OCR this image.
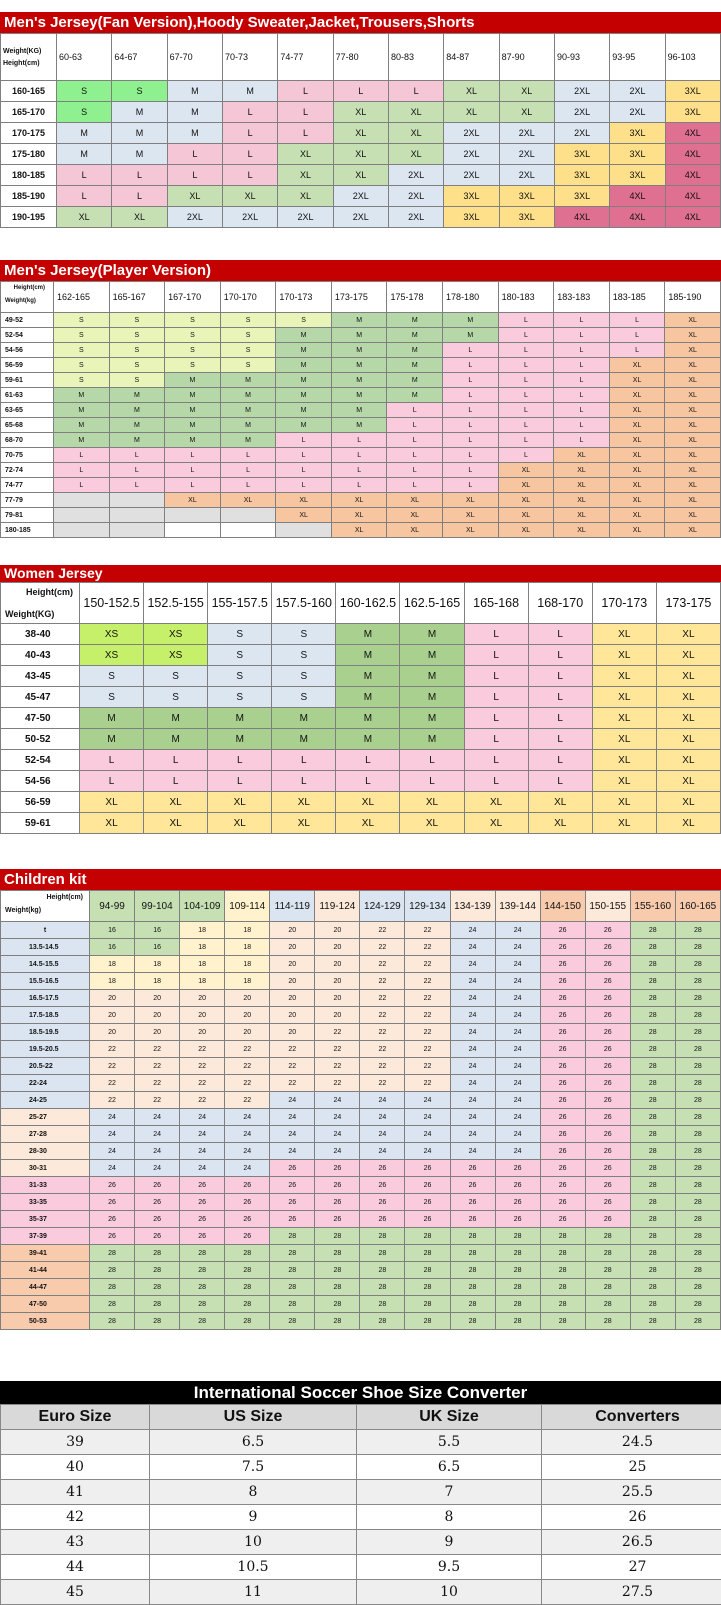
Men's Jersey(Fan Version),Hoody Sweater,Jacket,Trousers,Shorts
Weight(KG)
Height(cm)	60-63	64-67	67-70	70-73	74-77	77-80	80-83	84-87	87-90	90-93	93-95	96-103
160-165	S	S	M	M	L	L	L	XL	XL	2XL	2XL	3XL
165-170	S	M	M	L	L	XL	XL	XL	XL	2XL	2XL	3XL
170-175	M	M	M	L	L	XL	XL	2XL	2XL	2XL	3XL	4XL
175-180	M	M	L	L	XL	XL	XL	2XL	2XL	3XL	3XL	4XL
180-185	L	L	L	L	XL	XL	2XL	2XL	2XL	3XL	3XL	4XL
185-190	L	L	XL	XL	XL	2XL	2XL	3XL	3XL	3XL	4XL	4XL
190-195	XL	XL	2XL	2XL	2XL	2XL	2XL	3XL	3XL	4XL	4XL	4XL
Men's Jersey(Player Version)
Height(cm)
Weight(kg)	162-165	165-167	167-170	170-170	170-173	173-175	175-178	178-180	180-183	183-183	183-185	185-190
49-52	S	S	S	S	S	M	M	M	L	L	L	XL
52-54	S	S	S	S	M	M	M	M	L	L	L	XL
54-56	S	S	S	S	M	M	M	L	L	L	L	XL
56-59	S	S	S	S	M	M	M	L	L	L	XL	XL
59-61	S	S	M	M	M	M	M	L	L	L	XL	XL
61-63	M	M	M	M	M	M	M	L	L	L	XL	XL
63-65	M	M	M	M	M	M	L	L	L	L	XL	XL
65-68	M	M	M	M	M	M	L	L	L	L	XL	XL
68-70	M	M	M	M	L	L	L	L	L	L	XL	XL
70-75	L	L	L	L	L	L	L	L	L	XL	XL	XL
72-74	L	L	L	L	L	L	L	L	XL	XL	XL	XL
74-77	L	L	L	L	L	L	L	L	XL	XL	XL	XL
77-79			XL	XL	XL	XL	XL	XL	XL	XL	XL	XL
79-81					XL	XL	XL	XL	XL	XL	XL	XL
180-185						XL	XL	XL	XL	XL	XL	XL
Women Jersey
Height(cm)
Weight(KG)	150-152.5	152.5-155	155-157.5	157.5-160	160-162.5	162.5-165	165-168	168-170	170-173	173-175
38-40	XS	XS	S	S	M	M	L	L	XL	XL
40-43	XS	XS	S	S	M	M	L	L	XL	XL
43-45	S	S	S	S	M	M	L	L	XL	XL
45-47	S	S	S	S	M	M	L	L	XL	XL
47-50	M	M	M	M	M	M	L	L	XL	XL
50-52	M	M	M	M	M	M	L	L	XL	XL
52-54	L	L	L	L	L	L	L	L	XL	XL
54-56	L	L	L	L	L	L	L	L	XL	XL
56-59	XL	XL	XL	XL	XL	XL	XL	XL	XL	XL
59-61	XL	XL	XL	XL	XL	XL	XL	XL	XL	XL
Children kit
Height(cm)
Weight(kg)	94-99	99-104	104-109	109-114	114-119	119-124	124-129	129-134	134-139	139-144	144-150	150-155	155-160	160-165
t	16	16	18	18	20	20	22	22	24	24	26	26	28	28
13.5-14.5	16	16	18	18	20	20	22	22	24	24	26	26	28	28
14.5-15.5	18	18	18	18	20	20	22	22	24	24	26	26	28	28
15.5-16.5	18	18	18	18	20	20	22	22	24	24	26	26	28	28
16.5-17.5	20	20	20	20	20	20	22	22	24	24	26	26	28	28
17.5-18.5	20	20	20	20	20	20	22	22	24	24	26	26	28	28
18.5-19.5	20	20	20	20	20	22	22	22	24	24	26	26	28	28
19.5-20.5	22	22	22	22	22	22	22	22	24	24	26	26	28	28
20.5-22	22	22	22	22	22	22	22	22	24	24	26	26	28	28
22-24	22	22	22	22	22	22	22	22	24	24	26	26	28	28
24-25	22	22	22	22	24	24	24	24	24	24	26	26	28	28
25-27	24	24	24	24	24	24	24	24	24	24	26	26	28	28
27-28	24	24	24	24	24	24	24	24	24	24	26	26	28	28
28-30	24	24	24	24	24	24	24	24	24	24	26	26	28	28
30-31	24	24	24	24	26	26	26	26	26	26	26	26	28	28
31-33	26	26	26	26	26	26	26	26	26	26	26	26	28	28
33-35	26	26	26	26	26	26	26	26	26	26	26	26	28	28
35-37	26	26	26	26	26	26	26	26	26	26	26	26	28	28
37-39	26	26	26	26	28	28	28	28	28	28	28	28	28	28
39-41	28	28	28	28	28	28	28	28	28	28	28	28	28	28
41-44	28	28	28	28	28	28	28	28	28	28	28	28	28	28
44-47	28	28	28	28	28	28	28	28	28	28	28	28	28	28
47-50	28	28	28	28	28	28	28	28	28	28	28	28	28	28
50-53	28	28	28	28	28	28	28	28	28	28	28	28	28	28
International Soccer Shoe Size Converter
Euro Size	US Size	UK Size	Converters
39	6.5	5.5	24.5
40	7.5	6.5	25
41	8	7	25.5
42	9	8	26
43	10	9	26.5
44	10.5	9.5	27
45	11	10	27.5
